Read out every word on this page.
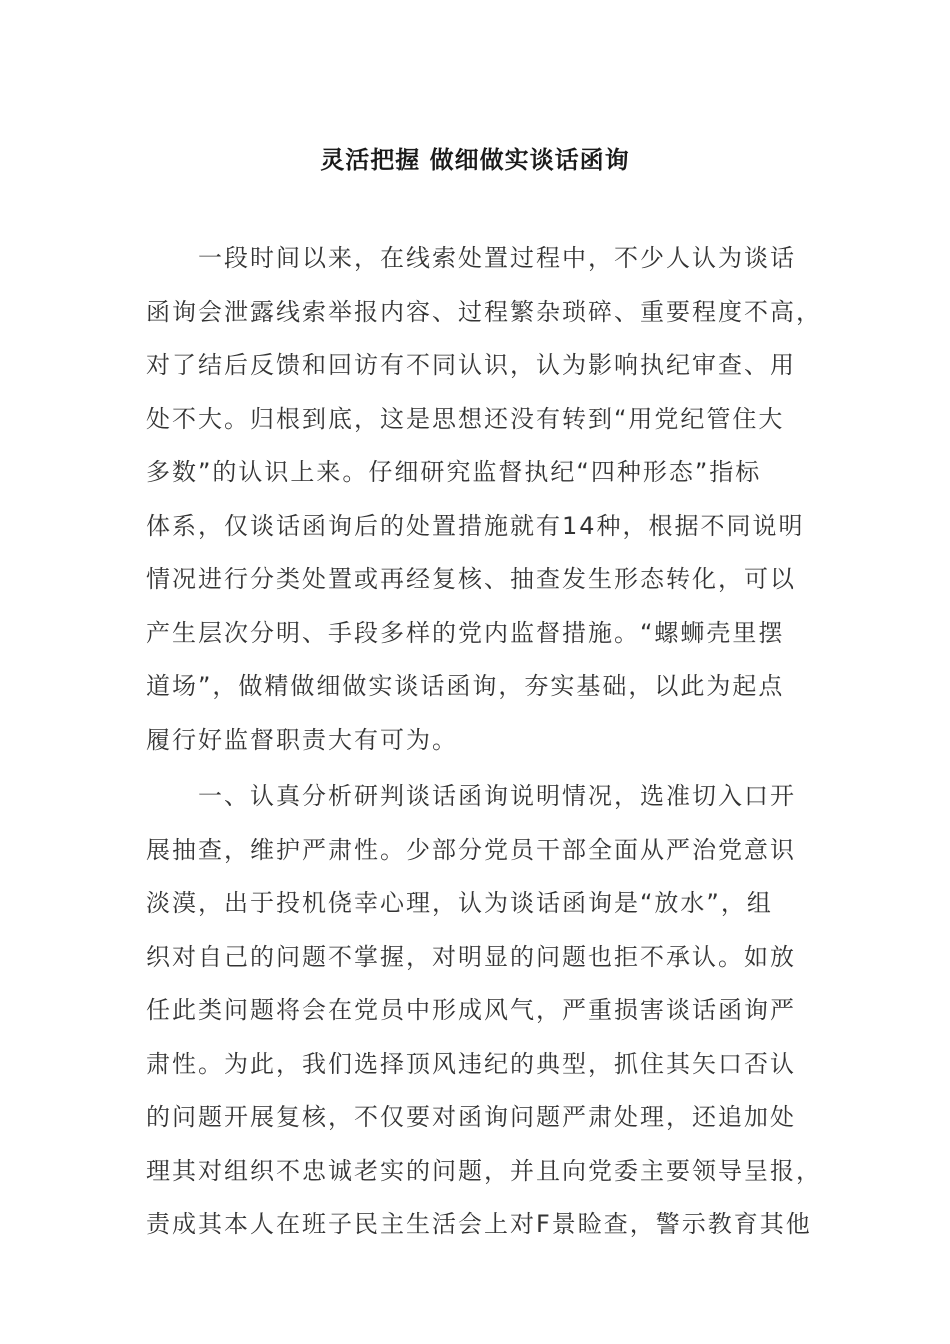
灵活把握 做细做实谈话函询
　　一段时间以来，在线索处置过程中，不少人认为谈话
函询会泄露线索举报内容、过程繁杂琐碎、重要程度不高，
对了结后反馈和回访有不同认识，认为影响执纪审查、用
处不大。归根到底，这是思想还没有转到“用党纪管住大
多数”的认识上来。仔细研究监督执纪“四种形态”指标
体系，仅谈话函询后的处置措施就有14种，根据不同说明
情况进行分类处置或再经复核、抽查发生形态转化，可以
产生层次分明、手段多样的党内监督措施。“螺蛳壳里摆
道场”，做精做细做实谈话函询，夯实基础，以此为起点
履行好监督职责大有可为。
　　一、认真分析研判谈话函询说明情况，选准切入口开
展抽查，维护严肃性。少部分党员干部全面从严治党意识
淡漠，出于投机侥幸心理，认为谈话函询是“放水”，组
织对自己的问题不掌握，对明显的问题也拒不承认。如放
任此类问题将会在党员中形成风气，严重损害谈话函询严
肃性。为此，我们选择顶风违纪的典型，抓住其矢口否认
的问题开展复核，不仅要对函询问题严肃处理，还追加处
理其对组织不忠诚老实的问题，并且向党委主要领导呈报，
责成其本人在班子民主生活会上对F景睑查，警示教育其他
